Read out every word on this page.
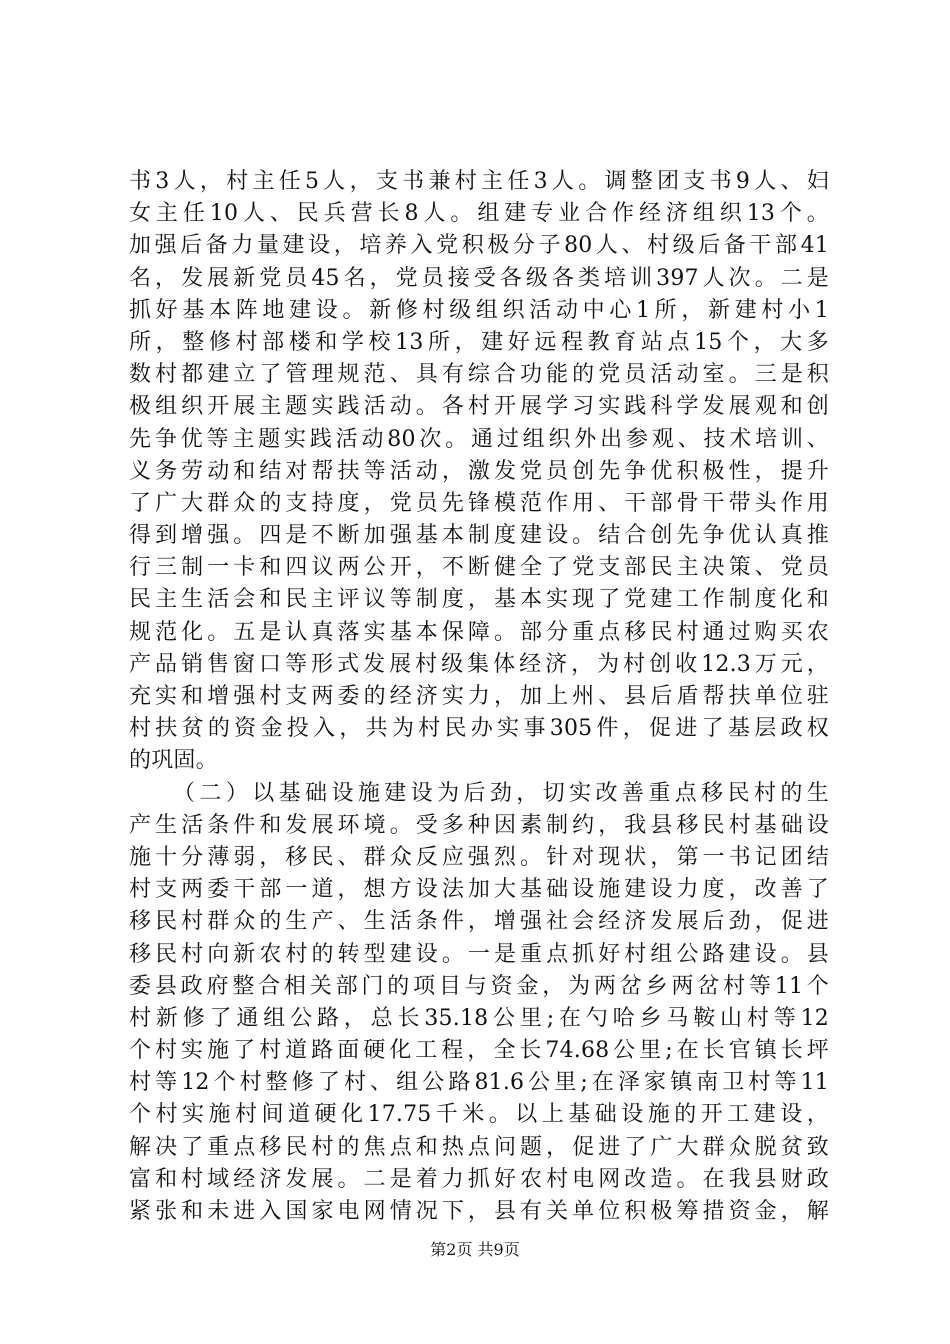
书3人，村主任5人，支书兼村主任3人。调整团支书9人、妇
女主任10人、民兵营长8人。组建专业合作经济组织13个。
加强后备力量建设，培养入党积极分子80人、村级后备干部41
名，发展新党员45名，党员接受各级各类培训397人次。二是
抓好基本阵地建设。新修村级组织活动中心1所，新建村小1
所，整修村部楼和学校13所，建好远程教育站点15个，大多
数村都建立了管理规范、具有综合功能的党员活动室。三是积
极组织开展主题实践活动。各村开展学习实践科学发展观和创
先争优等主题实践活动80次。通过组织外出参观、技术培训、
义务劳动和结对帮扶等活动，激发党员创先争优积极性，提升
了广大群众的支持度，党员先锋模范作用、干部骨干带头作用
得到增强。四是不断加强基本制度建设。结合创先争优认真推
行三制一卡和四议两公开，不断健全了党支部民主决策、党员
民主生活会和民主评议等制度，基本实现了党建工作制度化和
规范化。五是认真落实基本保障。部分重点移民村通过购买农
产品销售窗口等形式发展村级集体经济，为村创收12.3万元，
充实和增强村支两委的经济实力，加上州、县后盾帮扶单位驻
村扶贫的资金投入，共为村民办实事305件，促进了基层政权
的巩固。
（二）以基础设施建设为后劲，切实改善重点移民村的生
产生活条件和发展环境。受多种因素制约，我县移民村基础设
施十分薄弱，移民、群众反应强烈。针对现状，第一书记团结
村支两委干部一道，想方设法加大基础设施建设力度，改善了
移民村群众的生产、生活条件，增强社会经济发展后劲，促进
移民村向新农村的转型建设。一是重点抓好村组公路建设。县
委县政府整合相关部门的项目与资金，为两岔乡两岔村等11个
村新修了通组公路，总长35.18公里;在勺哈乡马鞍山村等12
个村实施了村道路面硬化工程，全长74.68公里;在长官镇长坪
村等12个村整修了村、组公路81.6公里;在泽家镇南卫村等11
个村实施村间道硬化17.75千米。以上基础设施的开工建设，
解决了重点移民村的焦点和热点问题，促进了广大群众脱贫致
富和村域经济发展。二是着力抓好农村电网改造。在我县财政
紧张和未进入国家电网情况下，县有关单位积极筹措资金，解
第2页 共9页
